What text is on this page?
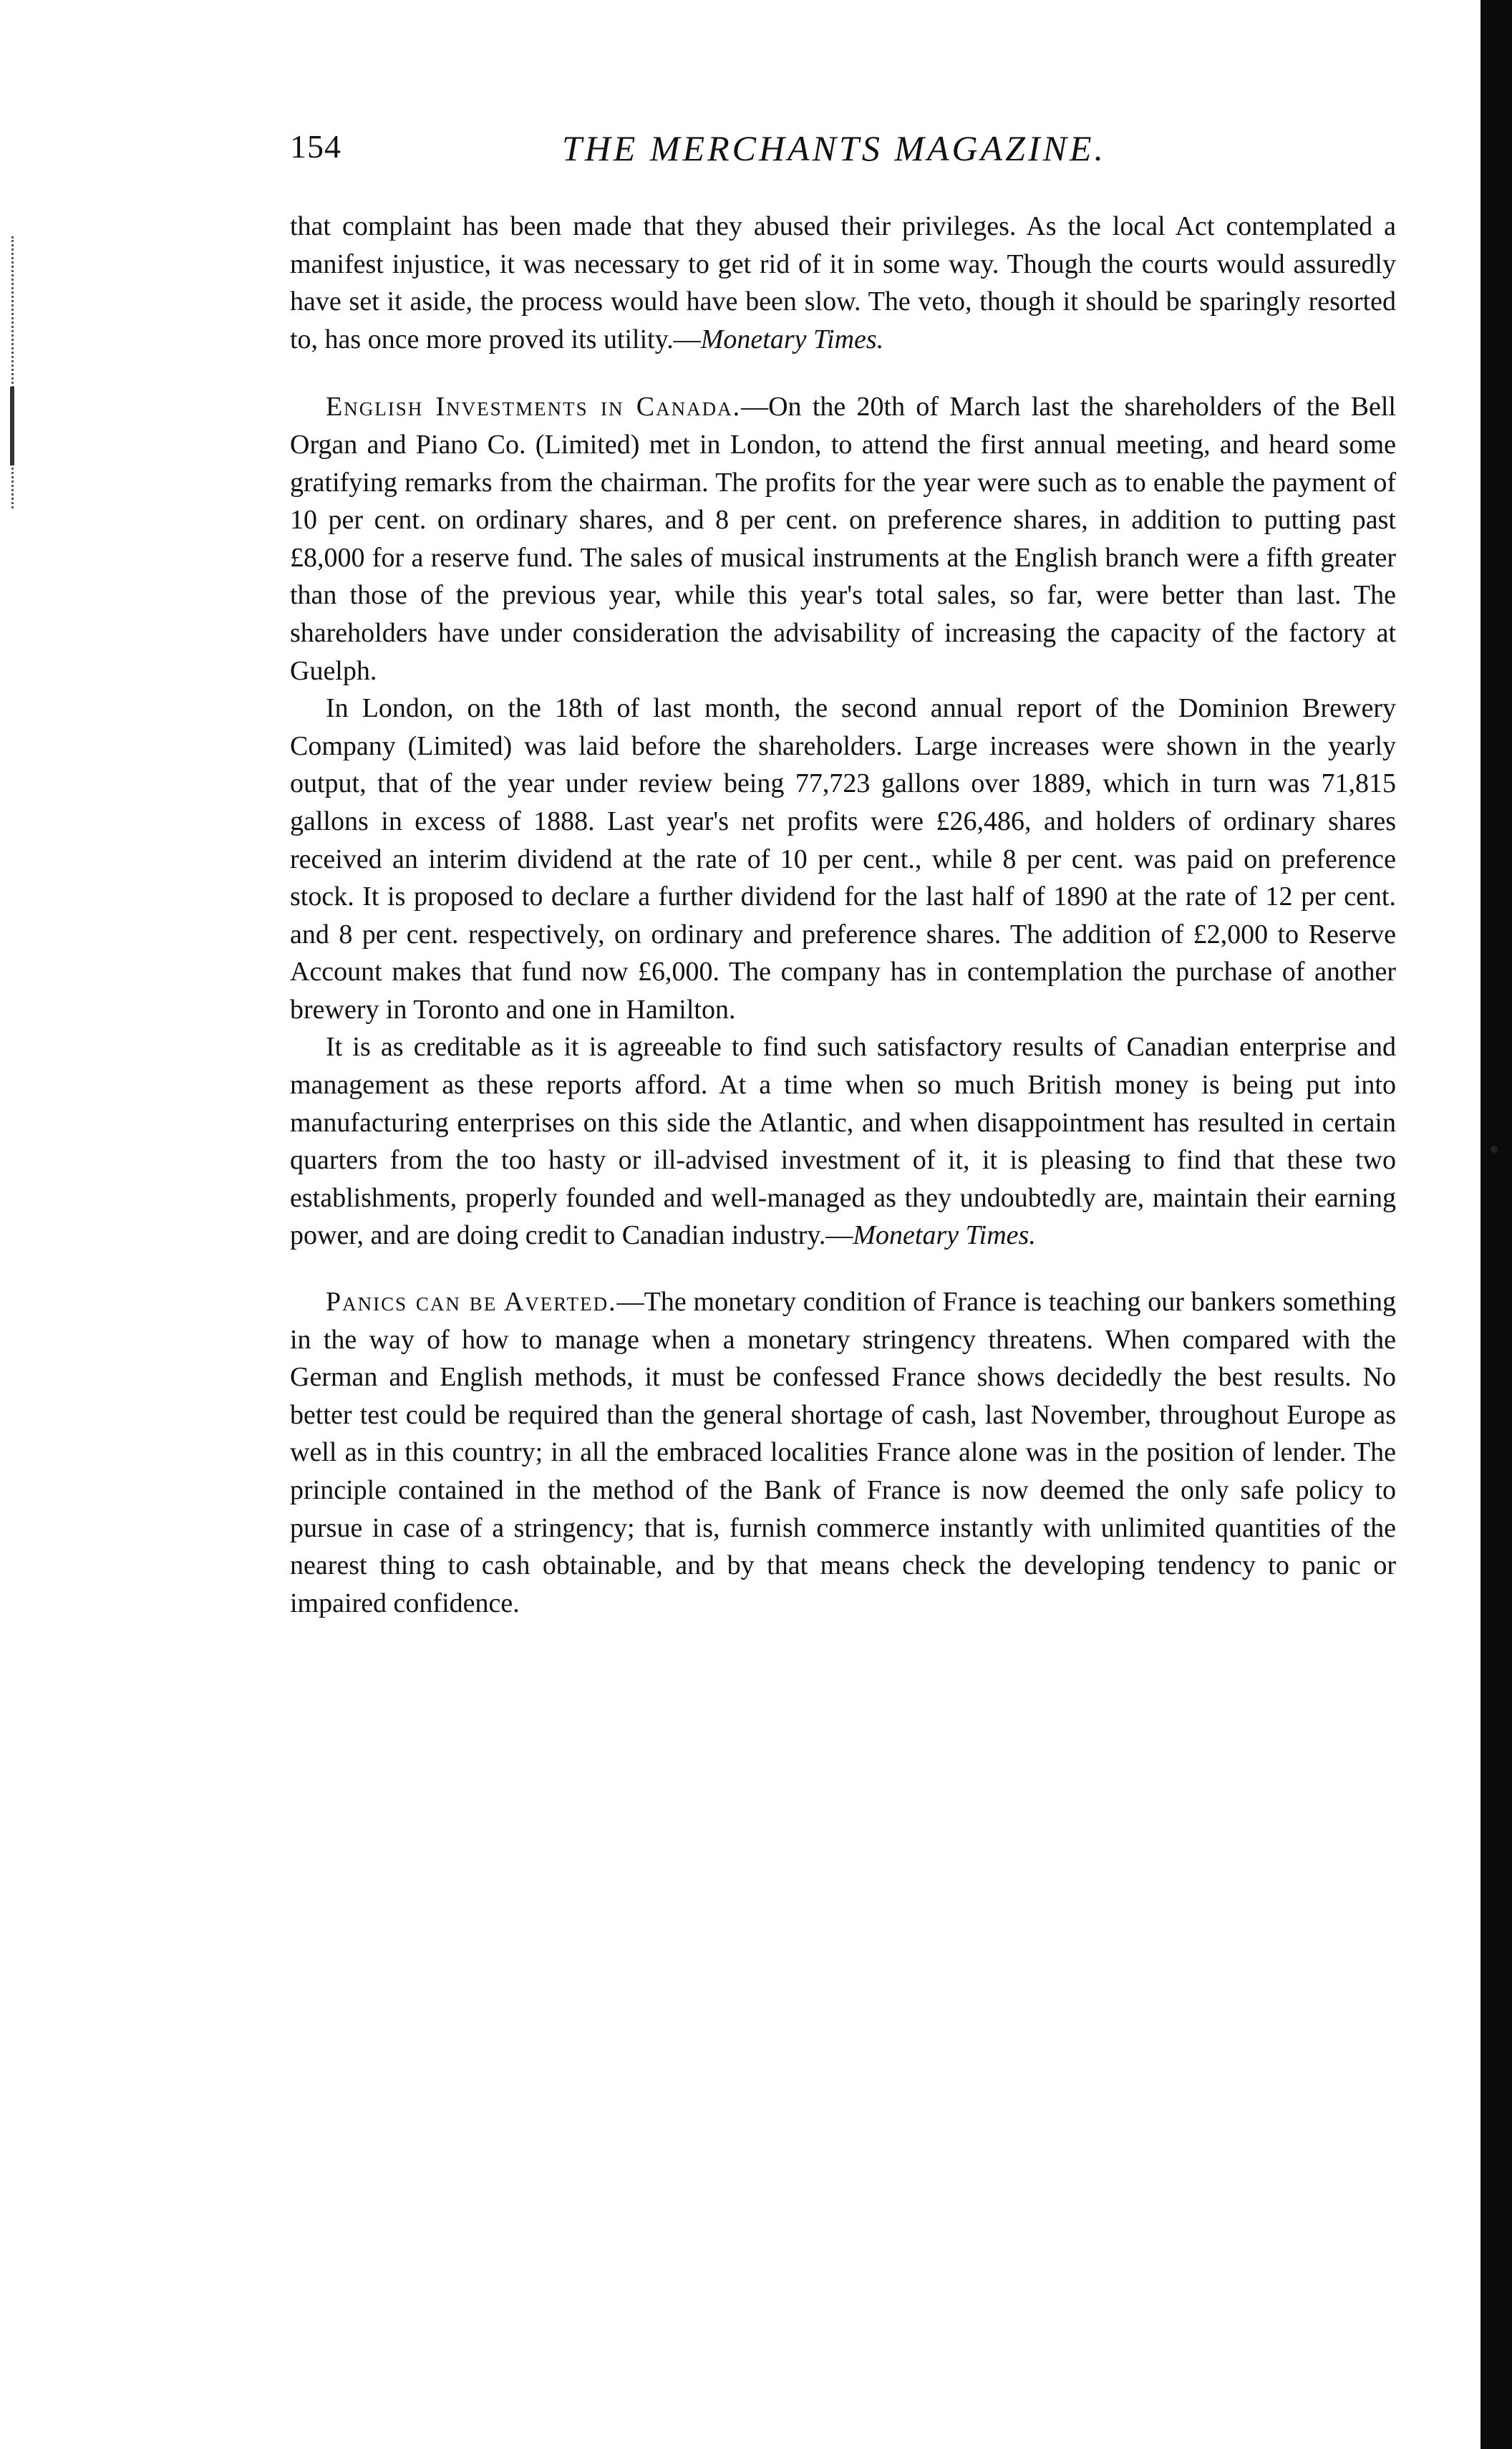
154	THE MERCHANTS MAGAZINE.

that complaint has been made that they abused their privileges. As the local Act contemplated a manifest injustice, it was necessary to get rid of it in some way. Though the courts would assuredly have set it aside, the process would have been slow. The veto, though it should be sparingly resorted to, has once more proved its utility.—Monetary Times.

English Investments in Canada.—On the 20th of March last the shareholders of the Bell Organ and Piano Co. (Limited) met in London, to attend the first annual meeting, and heard some gratifying remarks from the chairman. The profits for the year were such as to enable the payment of 10 per cent. on ordinary shares, and 8 per cent. on preference shares, in addition to putting past £8,000 for a reserve fund. The sales of musical instruments at the English branch were a fifth greater than those of the previous year, while this year's total sales, so far, were better than last. The shareholders have under consideration the advisability of increasing the capacity of the factory at Guelph.

In London, on the 18th of last month, the second annual report of the Dominion Brewery Company (Limited) was laid before the shareholders. Large increases were shown in the yearly output, that of the year under review being 77,723 gallons over 1889, which in turn was 71,815 gallons in excess of 1888. Last year's net profits were £26,486, and holders of ordinary shares received an interim dividend at the rate of 10 per cent., while 8 per cent. was paid on preference stock. It is proposed to declare a further dividend for the last half of 1890 at the rate of 12 per cent. and 8 per cent. respectively, on ordinary and preference shares. The addition of £2,000 to Reserve Account makes that fund now £6,000. The company has in contemplation the purchase of another brewery in Toronto and one in Hamilton.

It is as creditable as it is agreeable to find such satisfactory results of Canadian enterprise and management as these reports afford. At a time when so much British money is being put into manufacturing enterprises on this side the Atlantic, and when disappointment has resulted in certain quarters from the too hasty or ill-advised investment of it, it is pleasing to find that these two establishments, properly founded and well-managed as they undoubtedly are, maintain their earning power, and are doing credit to Canadian industry.—Monetary Times.

Panics can be Averted.—The monetary condition of France is teaching our bankers something in the way of how to manage when a monetary stringency threatens. When compared with the German and English methods, it must be confessed France shows decidedly the best results. No better test could be required than the general shortage of cash, last November, throughout Europe as well as in this country; in all the embraced localities France alone was in the position of lender. The principle contained in the method of the Bank of France is now deemed the only safe policy to pursue in case of a stringency; that is, furnish commerce instantly with unlimited quantities of the nearest thing to cash obtainable, and by that means check the developing tendency to panic or impaired confidence.
